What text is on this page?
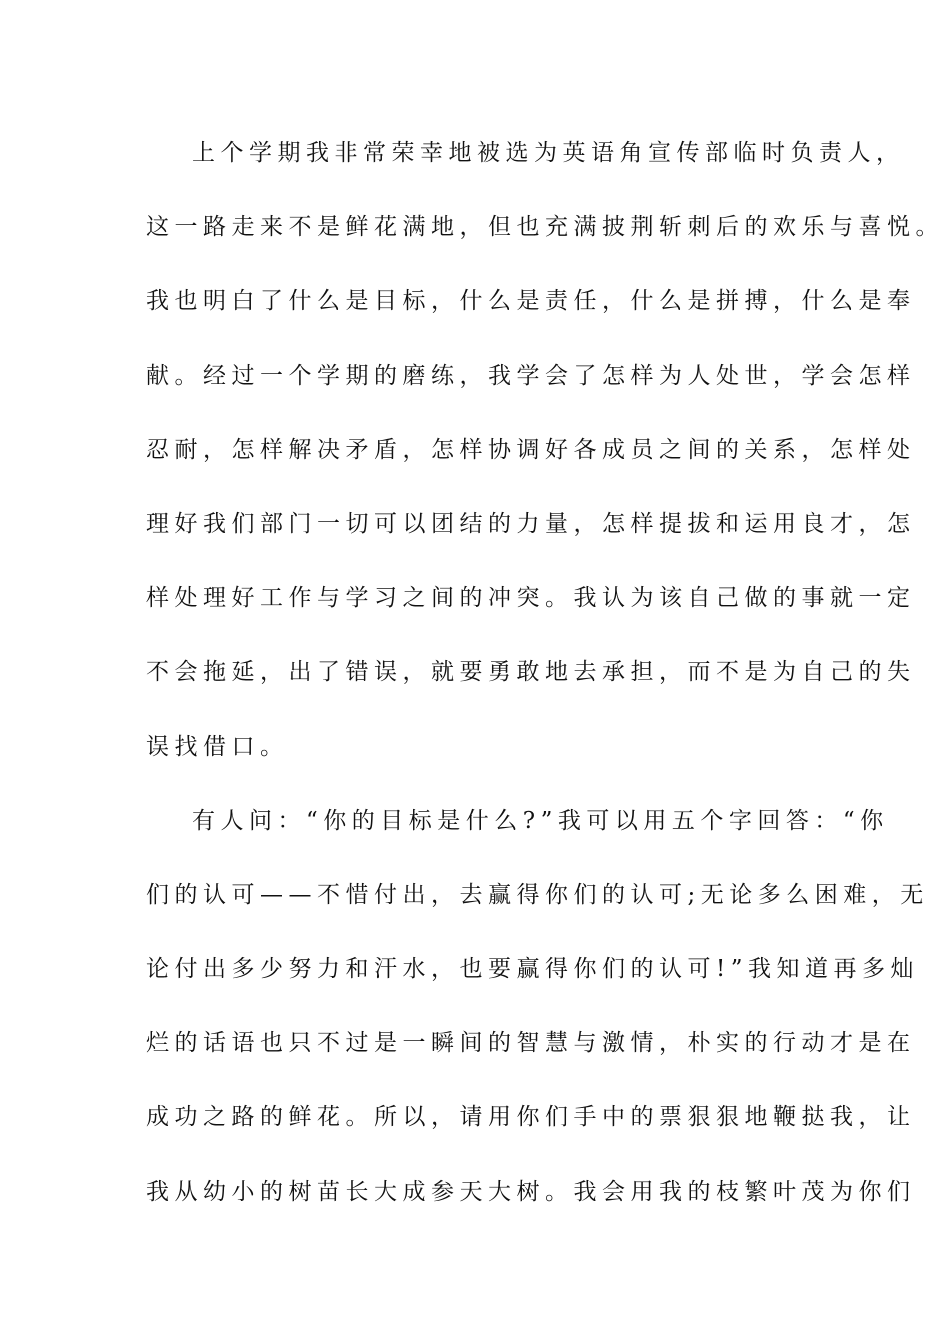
上个学期我非常荣幸地被选为英语角宣传部临时负责人，
这一路走来不是鲜花满地，但也充满披荆斩刺后的欢乐与喜悦。
我也明白了什么是目标，什么是责任，什么是拼搏，什么是奉
献。经过一个学期的磨练，我学会了怎样为人处世，学会怎样
忍耐，怎样解决矛盾，怎样协调好各成员之间的关系，怎样处
理好我们部门一切可以团结的力量，怎样提拔和运用良才，怎
样处理好工作与学习之间的冲突。我认为该自己做的事就一定
不会拖延，出了错误，就要勇敢地去承担，而不是为自己的失
误找借口。
有人问：“你的目标是什么?”我可以用五个字回答：“你
们的认可——不惜付出，去赢得你们的认可;无论多么困难，无
论付出多少努力和汗水，也要赢得你们的认可!”我知道再多灿
烂的话语也只不过是一瞬间的智慧与激情，朴实的行动才是在
成功之路的鲜花。所以，请用你们手中的票狠狠地鞭挞我，让
我从幼小的树苗长大成参天大树。我会用我的枝繁叶茂为你们
